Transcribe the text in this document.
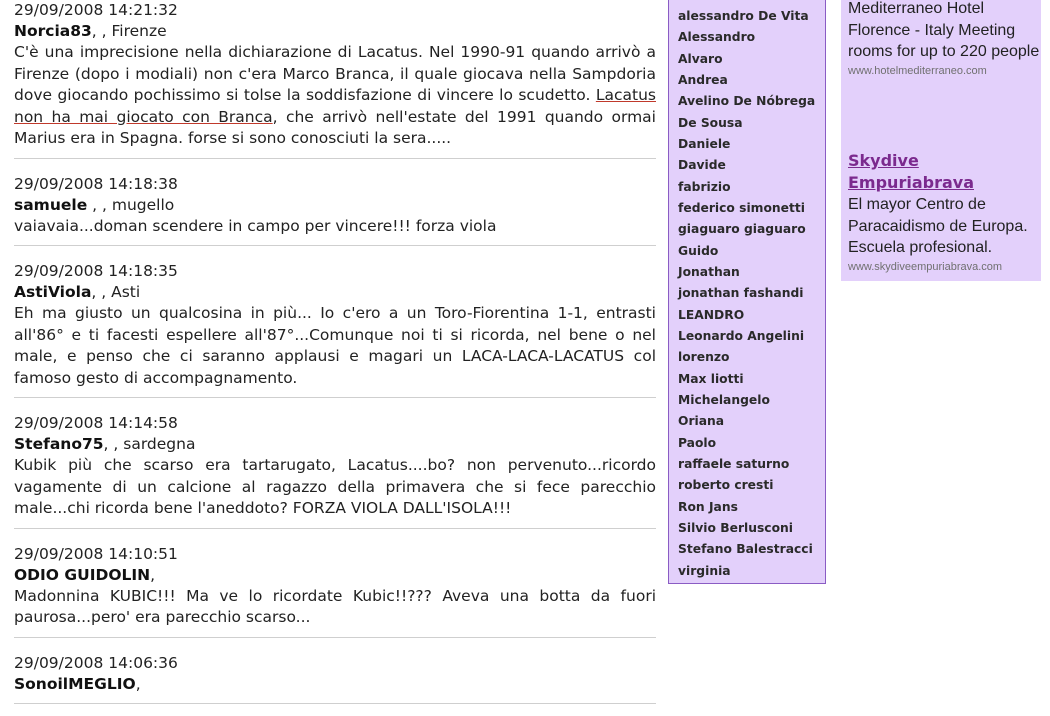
29/09/2008 14:21:32
Norcia83, , Firenze
C'è una imprecisione nella dichiarazione di Lacatus. Nel 1990-91 quando arrivò a Firenze (dopo i modiali) non c'era Marco Branca, il quale giocava nella Sampdoria dove giocando pochissimo si tolse la soddisfazione di vincere lo scudetto. Lacatus non ha mai giocato con Branca, che arrivò nell'estate del 1991 quando ormai Marius era in Spagna. forse si sono conosciuti la sera.....
29/09/2008 14:18:38
samuele , , mugello
vaiavaia...doman scendere in campo per vincere!!! forza viola
29/09/2008 14:18:35
AstiViola, , Asti
Eh ma giusto un qualcosina in più... Io c'ero a un Toro-Fiorentina 1-1, entrasti all'86° e ti facesti espellere all'87°...Comunque noi ti si ricorda, nel bene o nel male, e penso che ci saranno applausi e magari un LACA-LACA-LACATUS col famoso gesto di accompagnamento.
29/09/2008 14:14:58
Stefano75, , sardegna
Kubik più che scarso era tartarugato, Lacatus....bo? non pervenuto...ricordo vagamente di un calcione al ragazzo della primavera che si fece parecchio male...chi ricorda bene l'aneddoto? FORZA VIOLA DALL'ISOLA!!!
29/09/2008 14:10:51
ODIO GUIDOLIN,
Madonnina KUBIC!!! Ma ve lo ricordate Kubic!!??? Aveva una botta da fuori paurosa...pero' era parecchio scarso...
29/09/2008 14:06:36
SonoilMEGLIO,
alessandro De Vita
Alessandro
Alvaro
Andrea
Avelino De Nóbrega
De Sousa
Daniele
Davide
fabrizio
federico simonetti
giaguaro giaguaro
Guido
Jonathan
jonathan fashandi
LEANDRO
Leonardo Angelini
lorenzo
Max liotti
Michelangelo
Oriana
Paolo
raffaele saturno
roberto cresti
Ron Jans
Silvio Berlusconi
Stefano Balestracci
virginia
Mediterraneo Hotel Florence - Italy Meeting rooms for up to 220 people
www.hotelmediterraneo.com
Skydive Empuriabrava
El mayor Centro de Paracaidismo de Europa. Escuela profesional.
www.skydiveempuriabrava.com
